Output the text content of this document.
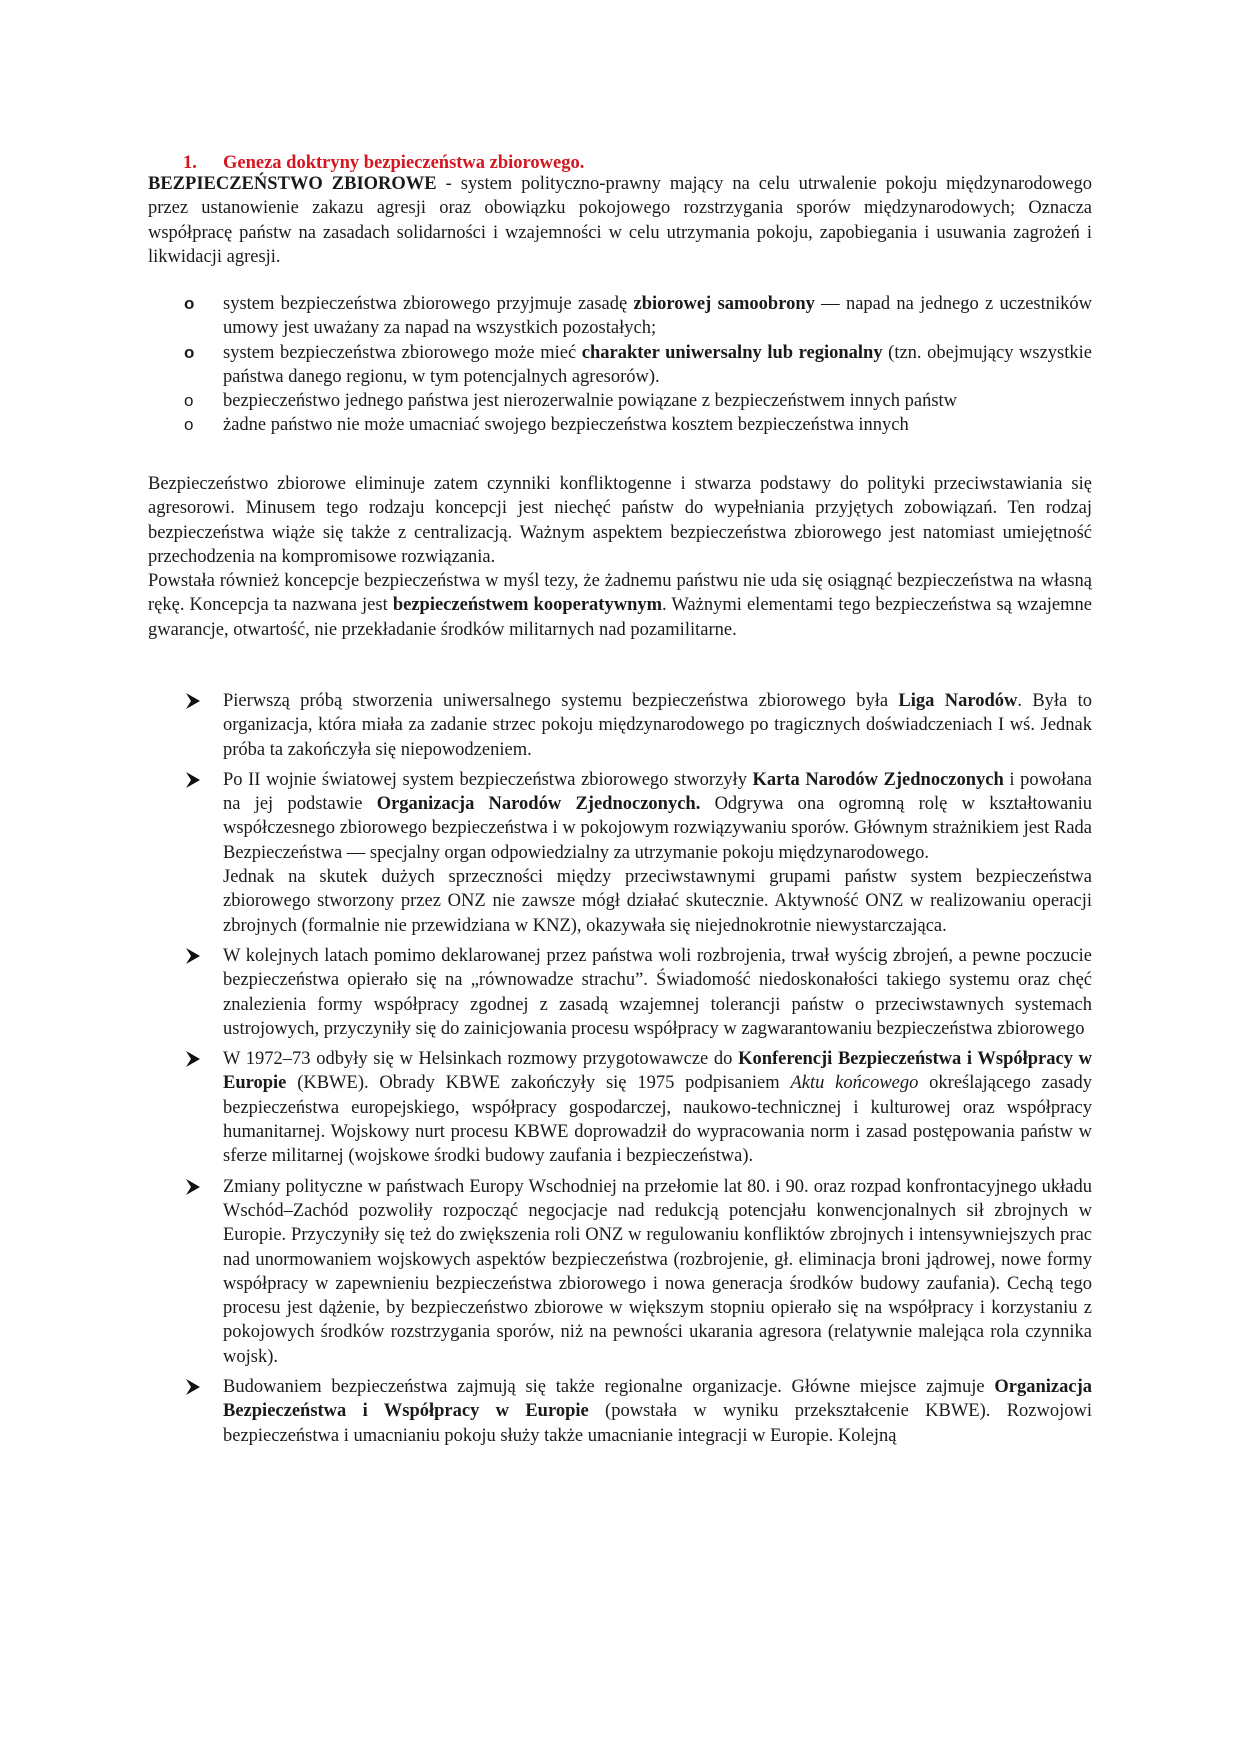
1. Geneza doktryny bezpieczeństwa zbiorowego.
BEZPIECZEŃSTWO ZBIOROWE - system polityczno-prawny mający na celu utrwalenie pokoju międzynarodowego przez ustanowienie zakazu agresji oraz obowiązku pokojowego rozstrzygania sporów międzynarodowych; Oznacza współpracę państw na zasadach solidarności i wzajemności w celu utrzymania pokoju, zapobiegania i usuwania zagrożeń i likwidacji agresji.
o system bezpieczeństwa zbiorowego przyjmuje zasadę zbiorowej samoobrony — napad na jednego z uczestników umowy jest uważany za napad na wszystkich pozostałych;
o system bezpieczeństwa zbiorowego może mieć charakter uniwersalny lub regionalny (tzn. obejmujący wszystkie państwa danego regionu, w tym potencjalnych agresorów).
o bezpieczeństwo jednego państwa jest nierozerwalnie powiązane z bezpieczeństwem innych państw
o żadne państwo nie może umacniać swojego bezpieczeństwa kosztem bezpieczeństwa innych
Bezpieczeństwo zbiorowe eliminuje zatem czynniki konfliktogenne i stwarza podstawy do polityki przeciwstawiania się agresorowi. Minusem tego rodzaju koncepcji jest niechęć państw do wypełniania przyjętych zobowiązań. Ten rodzaj bezpieczeństwa wiąże się także z centralizacją. Ważnym aspektem bezpieczeństwa zbiorowego jest natomiast umiejętność przechodzenia na kompromisowe rozwiązania.
Powstała również koncepcje bezpieczeństwa w myśl tezy, że żadnemu państwu nie uda się osiągnąć bezpieczeństwa na własną rękę. Koncepcja ta nazwana jest bezpieczeństwem kooperatywnym. Ważnymi elementami tego bezpieczeństwa są wzajemne gwarancje, otwartość, nie przekładanie środków militarnych nad pozamilitarne.
Pierwszą próbą stworzenia uniwersalnego systemu bezpieczeństwa zbiorowego była Liga Narodów. Była to organizacja, która miała za zadanie strzec pokoju międzynarodowego po tragicznych doświadczeniach I wś. Jednak próba ta zakończyła się niepowodzeniem.
Po II wojnie światowej system bezpieczeństwa zbiorowego stworzyły Karta Narodów Zjednoczonych i powołana na jej podstawie Organizacja Narodów Zjednoczonych. Odgrywa ona ogromną rolę w kształtowaniu współczesnego zbiorowego bezpieczeństwa i w pokojowym rozwiązywaniu sporów. Głównym strażnikiem jest Rada Bezpieczeństwa — specjalny organ odpowiedzialny za utrzymanie pokoju międzynarodowego.
Jednak na skutek dużych sprzeczności między przeciwstawnymi grupami państw system bezpieczeństwa zbiorowego stworzony przez ONZ nie zawsze mógł działać skutecznie. Aktywność ONZ w realizowaniu operacji zbrojnych (formalnie nie przewidziana w KNZ), okazywała się niejednokrotnie niewystarczająca.
W kolejnych latach pomimo deklarowanej przez państwa woli rozbrojenia, trwał wyścig zbrojeń, a pewne poczucie bezpieczeństwa opierało się na „równowadze strachu”. Świadomość niedoskonałości takiego systemu oraz chęć znalezienia formy współpracy zgodnej z zasadą wzajemnej tolerancji państw o przeciwstawnych systemach ustrojowych, przyczyniły się do zainicjowania procesu współpracy w zagwarantowaniu bezpieczeństwa zbiorowego
W 1972–73 odbyły się w Helsinkach rozmowy przygotowawcze do Konferencji Bezpieczeństwa i Współpracy w Europie (KBWE). Obrady KBWE zakończyły się 1975 podpisaniem Aktu końcowego określającego zasady bezpieczeństwa europejskiego, współpracy gospodarczej, naukowo-technicznej i kulturowej oraz współpracy humanitarnej. Wojskowy nurt procesu KBWE doprowadził do wypracowania norm i zasad postępowania państw w sferze militarnej (wojskowe środki budowy zaufania i bezpieczeństwa).
Zmiany polityczne w państwach Europy Wschodniej na przełomie lat 80. i 90. oraz rozpad konfrontacyjnego układu Wschód–Zachód pozwoliły rozpocząć negocjacje nad redukcją potencjału konwencjonalnych sił zbrojnych w Europie. Przyczyniły się też do zwiększenia roli ONZ w regulowaniu konfliktów zbrojnych i intensywniejszych prac nad unormowaniem wojskowych aspektów bezpieczeństwa (rozbrojenie, gł. eliminacja broni jądrowej, nowe formy współpracy w zapewnieniu bezpieczeństwa zbiorowego i nowa generacja środków budowy zaufania). Cechą tego procesu jest dążenie, by bezpieczeństwo zbiorowe w większym stopniu opierało się na współpracy i korzystaniu z pokojowych środków rozstrzygania sporów, niż na pewności ukarania agresora (relatywnie malejąca rola czynnika wojsk).
Budowaniem bezpieczeństwa zajmują się także regionalne organizacje. Główne miejsce zajmuje Organizacja Bezpieczeństwa i Współpracy w Europie (powstała w wyniku przekształcenie KBWE). Rozwojowi bezpieczeństwa i umacnianiu pokoju służy także umacnianie integracji w Europie. Kolejną
